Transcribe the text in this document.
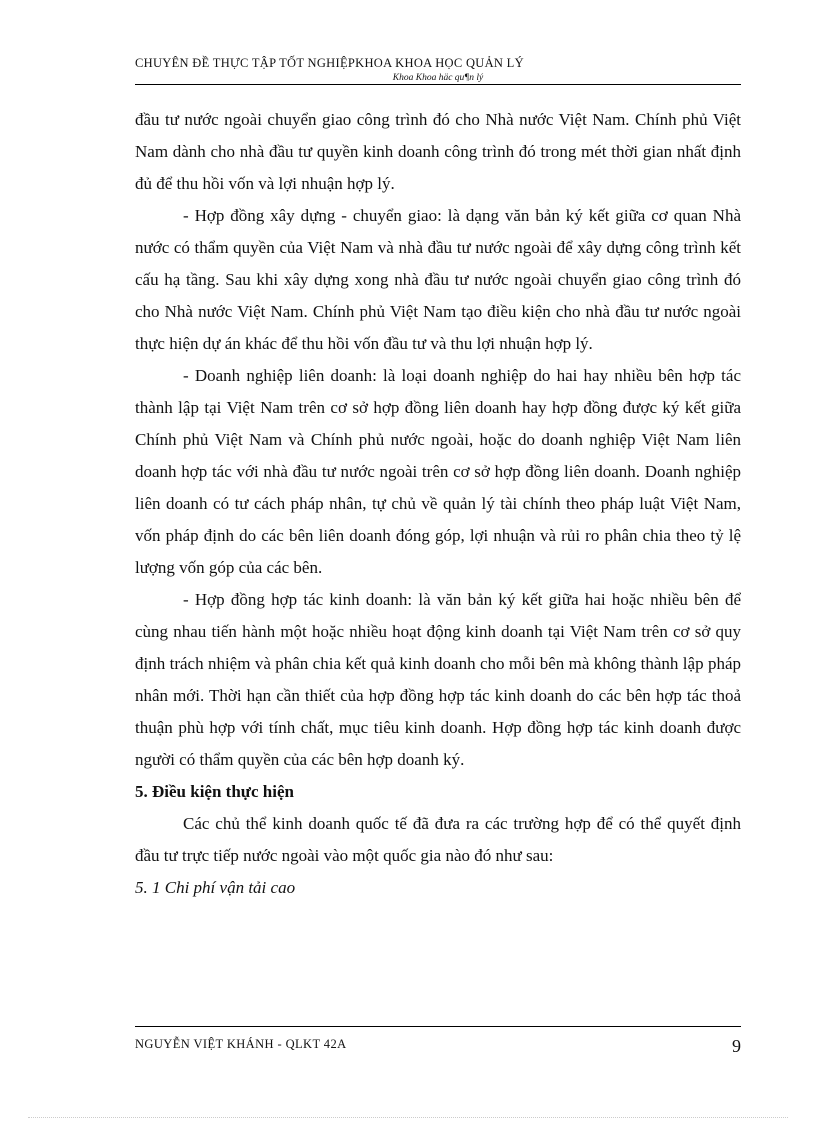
CHUYÊN ĐỀ THỰC TẬP TỐT NGHIỆPKHOA KHOA HỌC QUẢN LÝ
Khoa Khoa häc qu¶n lý

đầu tư nước ngoài chuyển giao công trình đó cho Nhà nước Việt Nam. Chính phủ Việt Nam dành cho nhà đầu tư quyền kinh doanh công trình đó trong mét thời gian nhất định đủ để thu hồi vốn và lợi nhuận hợp lý.

- Hợp đồng xây dựng - chuyển giao: là dạng văn bản ký kết giữa cơ quan Nhà nước có thẩm quyền của Việt Nam và nhà đầu tư nước ngoài để xây dựng công trình kết cấu hạ tầng. Sau khi xây dựng xong nhà đầu tư nước ngoài chuyển giao công trình đó cho Nhà nước Việt Nam. Chính phủ Việt Nam tạo điều kiện cho nhà đầu tư nước ngoài thực hiện dự án khác để thu hồi vốn đầu tư và thu lợi nhuận hợp lý.

- Doanh nghiệp liên doanh: là loại doanh nghiệp do hai hay nhiều bên hợp tác thành lập tại Việt Nam trên cơ sở hợp đồng liên doanh hay hợp đồng được ký kết giữa Chính phủ Việt Nam và Chính phủ nước ngoài, hoặc do doanh nghiệp Việt Nam liên doanh hợp tác với nhà đầu tư nước ngoài trên cơ sở hợp đồng liên doanh. Doanh nghiệp liên doanh có tư cách pháp nhân, tự chủ về quản lý tài chính theo pháp luật Việt Nam, vốn pháp định do các bên liên doanh đóng góp, lợi nhuận và rủi ro phân chia theo tỷ lệ lượng vốn góp của các bên.

- Hợp đồng hợp tác kinh doanh: là văn bản ký kết giữa hai hoặc nhiều bên để cùng nhau tiến hành một hoặc nhiều hoạt động kinh doanh tại Việt Nam trên cơ sở quy định trách nhiệm và phân chia kết quả kinh doanh cho mỗi bên mà không thành lập pháp nhân mới. Thời hạn cần thiết của hợp đồng hợp tác kinh doanh do các bên hợp tác thoả thuận phù hợp với tính chất, mục tiêu kinh doanh. Hợp đồng hợp tác kinh doanh được người có thẩm quyền của các bên hợp doanh ký.

5. Điều kiện thực hiện

Các chủ thể kinh doanh quốc tế đã đưa ra các trường hợp để có thể quyết định đầu tư trực tiếp nước ngoài vào một quốc gia nào đó như sau:

5. 1 Chi phí vận tải cao

NGUYỄN VIỆT KHÁNH - QLKT 42A	9
